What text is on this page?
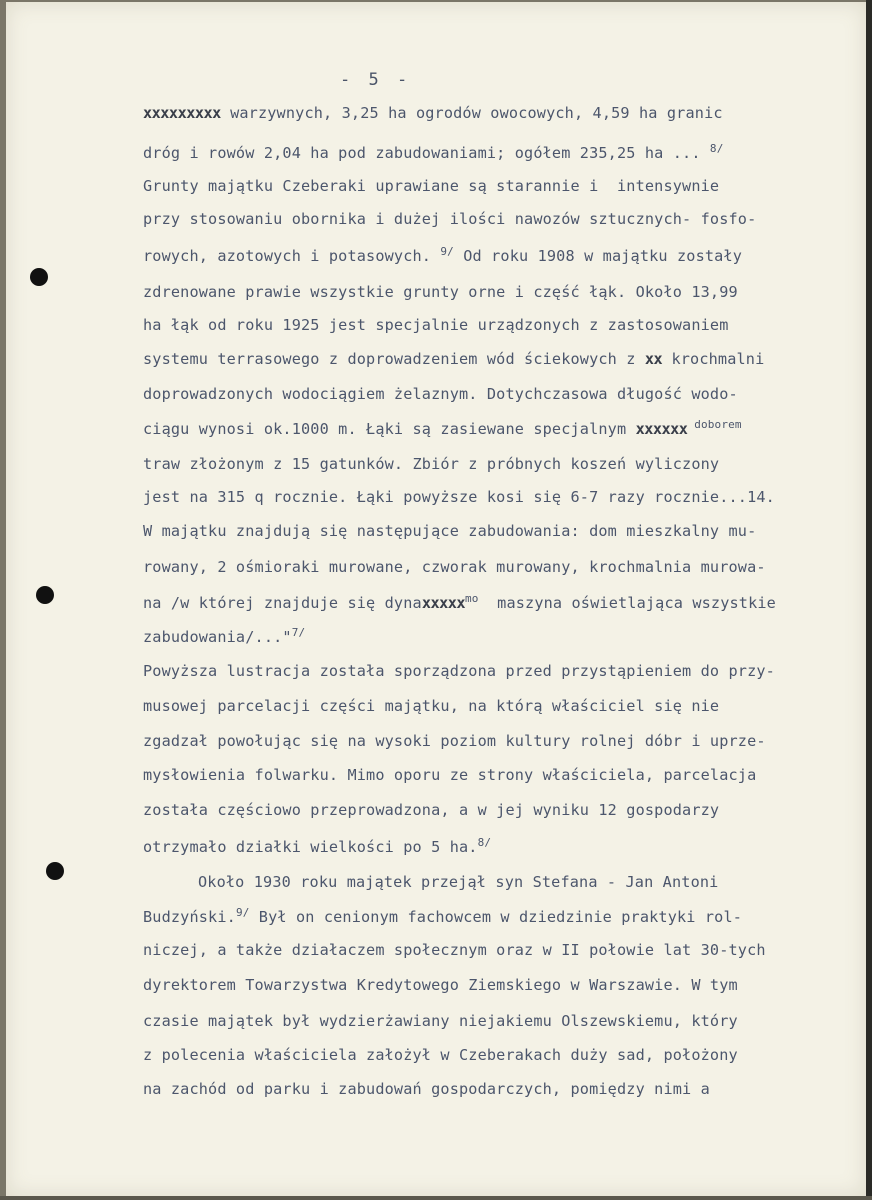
- 5 -
xxxxxxxxx warzywnych, 3,25 ha ogrodów owocowych, 4,59 ha granic
dróg i rowów 2,04 ha pod zabudowaniami; ogółem 235,25 ha ... $^{8/}$
Grunty majątku Czeberaki uprawiane są starannie i  intensywnie
przy stosowaniu obornika i dużej ilości nawozów sztucznych- fosfo-
rowych, azotowych i potasowych. $^{9/}$ Od roku 1908 w majątku zostały
zdrenowane prawie wszystkie grunty orne i część łąk. Około 13,99
ha łąk od roku 1925 jest specjalnie urządzonych z zastosowaniem
systemu terrasowego z doprowadzeniem wód ściekowych z xx krochmalni
doprowadzonych wodociągiem żelaznym. Dotychczasowa długość wodo-
ciągu wynosi ok.1000 m. Łąki są zasiewane specjalnym xxxxxx $^{doborem}$
traw złożonym z 15 gatunków. Zbiór z próbnych koszeń wyliczony
jest na 315 q rocznie. Łąki powyższe kosi się 6-7 razy rocznie...14.
W majątku znajdują się następujące zabudowania: dom mieszkalny mu-
rowany, 2 ośmioraki murowane, czworak murowany, krochmalnia murowa-
na /w której znajduje się dynaxxxxx$^{mo}$  maszyna oświetlająca wszystkie
zabudowania/..."$^{7/}$
Powyższa lustracja została sporządzona przed przystąpieniem do przy-
musowej parcelacji części majątku, na którą właściciel się nie
zgadzał powołując się na wysoki poziom kultury rolnej dóbr i uprze-
mysłowienia folwarku. Mimo oporu ze strony właściciela, parcelacja
została częściowo przeprowadzona, a w jej wyniku 12 gospodarzy
otrzymało działki wielkości po 5 ha.$^{8/}$
Około 1930 roku majątek przejął syn Stefana - Jan Antoni
Budzyński.$^{9/}$ Był on cenionym fachowcem w dziedzinie praktyki rol-
niczej, a także działaczem społecznym oraz w II połowie lat 30-tych
dyrektorem Towarzystwa Kredytowego Ziemskiego w Warszawie. W tym
czasie majątek był wydzierżawiany niejakiemu Olszewskiemu, który
z polecenia właściciela założył w Czeberakach duży sad, położony
na zachód od parku i zabudowań gospodarczych, pomiędzy nimi a
